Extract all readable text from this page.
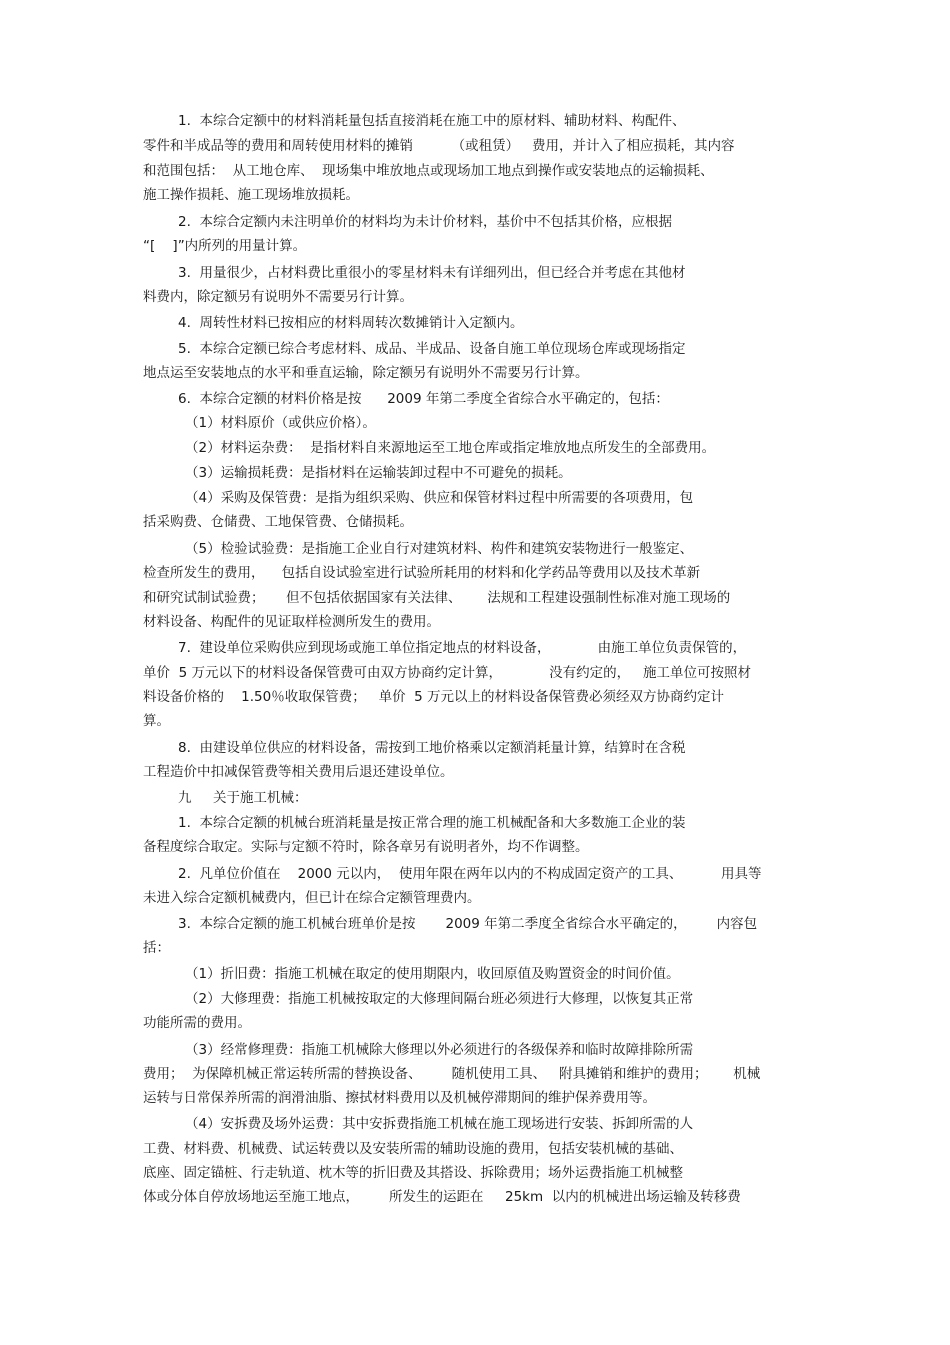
1.  本综合定额中的材料消耗量包括直接消耗在施工中的原材料、辅助材料、构配件、
零件和半成品等的费用和周转使用材料的摊销         （或租赁）   费用，并计入了相应损耗，其内容
和范围包括：  从工地仓库、  现场集中堆放地点或现场加工地点到操作或安装地点的运输损耗、
施工操作损耗、施工现场堆放损耗。
2.  本综合定额内未注明单价的材料均为未计价材料，基价中不包括其价格，应根据
“[    ]”内所列的用量计算。
3.  用量很少，占材料费比重很小的零星材料未有详细列出，但已经合并考虑在其他材
料费内，除定额另有说明外不需要另行计算。
4.  周转性材料已按相应的材料周转次数摊销计入定额内。
5.  本综合定额已综合考虑材料、成品、半成品、设备自施工单位现场仓库或现场指定
地点运至安装地点的水平和垂直运输，除定额另有说明外不需要另行计算。
6.  本综合定额的材料价格是按      2009 年第二季度全省综合水平确定的，包括：
（1）材料原价（或供应价格）。
（2）材料运杂费：  是指材料自来源地运至工地仓库或指定堆放地点所发生的全部费用。
（3）运输损耗费：是指材料在运输装卸过程中不可避免的损耗。
（4）采购及保管费：是指为组织采购、供应和保管材料过程中所需要的各项费用，包
括采购费、仓储费、工地保管费、仓储损耗。
（5）检验试验费：是指施工企业自行对建筑材料、构件和建筑安装物进行一般鉴定、
检查所发生的费用，    包括自设试验室进行试验所耗用的材料和化学药品等费用以及技术革新
和研究试制试验费；     但不包括依据国家有关法律、      法规和工程建设强制性标准对施工现场的
材料设备、构配件的见证取样检测所发生的费用。
7.  建设单位采购供应到现场或施工单位指定地点的材料设备，           由施工单位负责保管的，
单价  5 万元以下的材料设备保管费可由双方协商约定计算，           没有约定的，   施工单位可按照材
料设备价格的    1.50％收取保管费；   单价  5 万元以上的材料设备保管费必须经双方协商约定计
算。
8.  由建设单位供应的材料设备，需按到工地价格乘以定额消耗量计算，结算时在含税
工程造价中扣减保管费等相关费用后退还建设单位。
九     关于施工机械：
1.  本综合定额的机械台班消耗量是按正常合理的施工机械配备和大多数施工企业的装
备程度综合取定。实际与定额不符时，除各章另有说明者外，均不作调整。
2.  凡单位价值在    2000 元以内，  使用年限在两年以内的不构成固定资产的工具、         用具等
未进入综合定额机械费内，但已计在综合定额管理费内。
3.  本综合定额的施工机械台班单价是按       2009 年第二季度全省综合水平确定的，       内容包
括：
（1）折旧费：指施工机械在取定的使用期限内，收回原值及购置资金的时间价值。
（2）大修理费：指施工机械按取定的大修理间隔台班必须进行大修理，以恢复其正常
功能所需的费用。
（3）经常修理费：指施工机械除大修理以外必须进行的各级保养和临时故障排除所需
费用；  为保障机械正常运转所需的替换设备、       随机使用工具、   附具摊销和维护的费用；      机械
运转与日常保养所需的润滑油脂、擦拭材料费用以及机械停滞期间的维护保养费用等。
（4）安拆费及场外运费：其中安拆费指施工机械在施工现场进行安装、拆卸所需的人
工费、材料费、机械费、试运转费以及安装所需的辅助设施的费用，包括安装机械的基础、
底座、固定锚桩、行走轨道、枕木等的折旧费及其搭设、拆除费用；场外运费指施工机械整
体或分体自停放场地运至施工地点，       所发生的运距在     25km  以内的机械进出场运输及转移费
